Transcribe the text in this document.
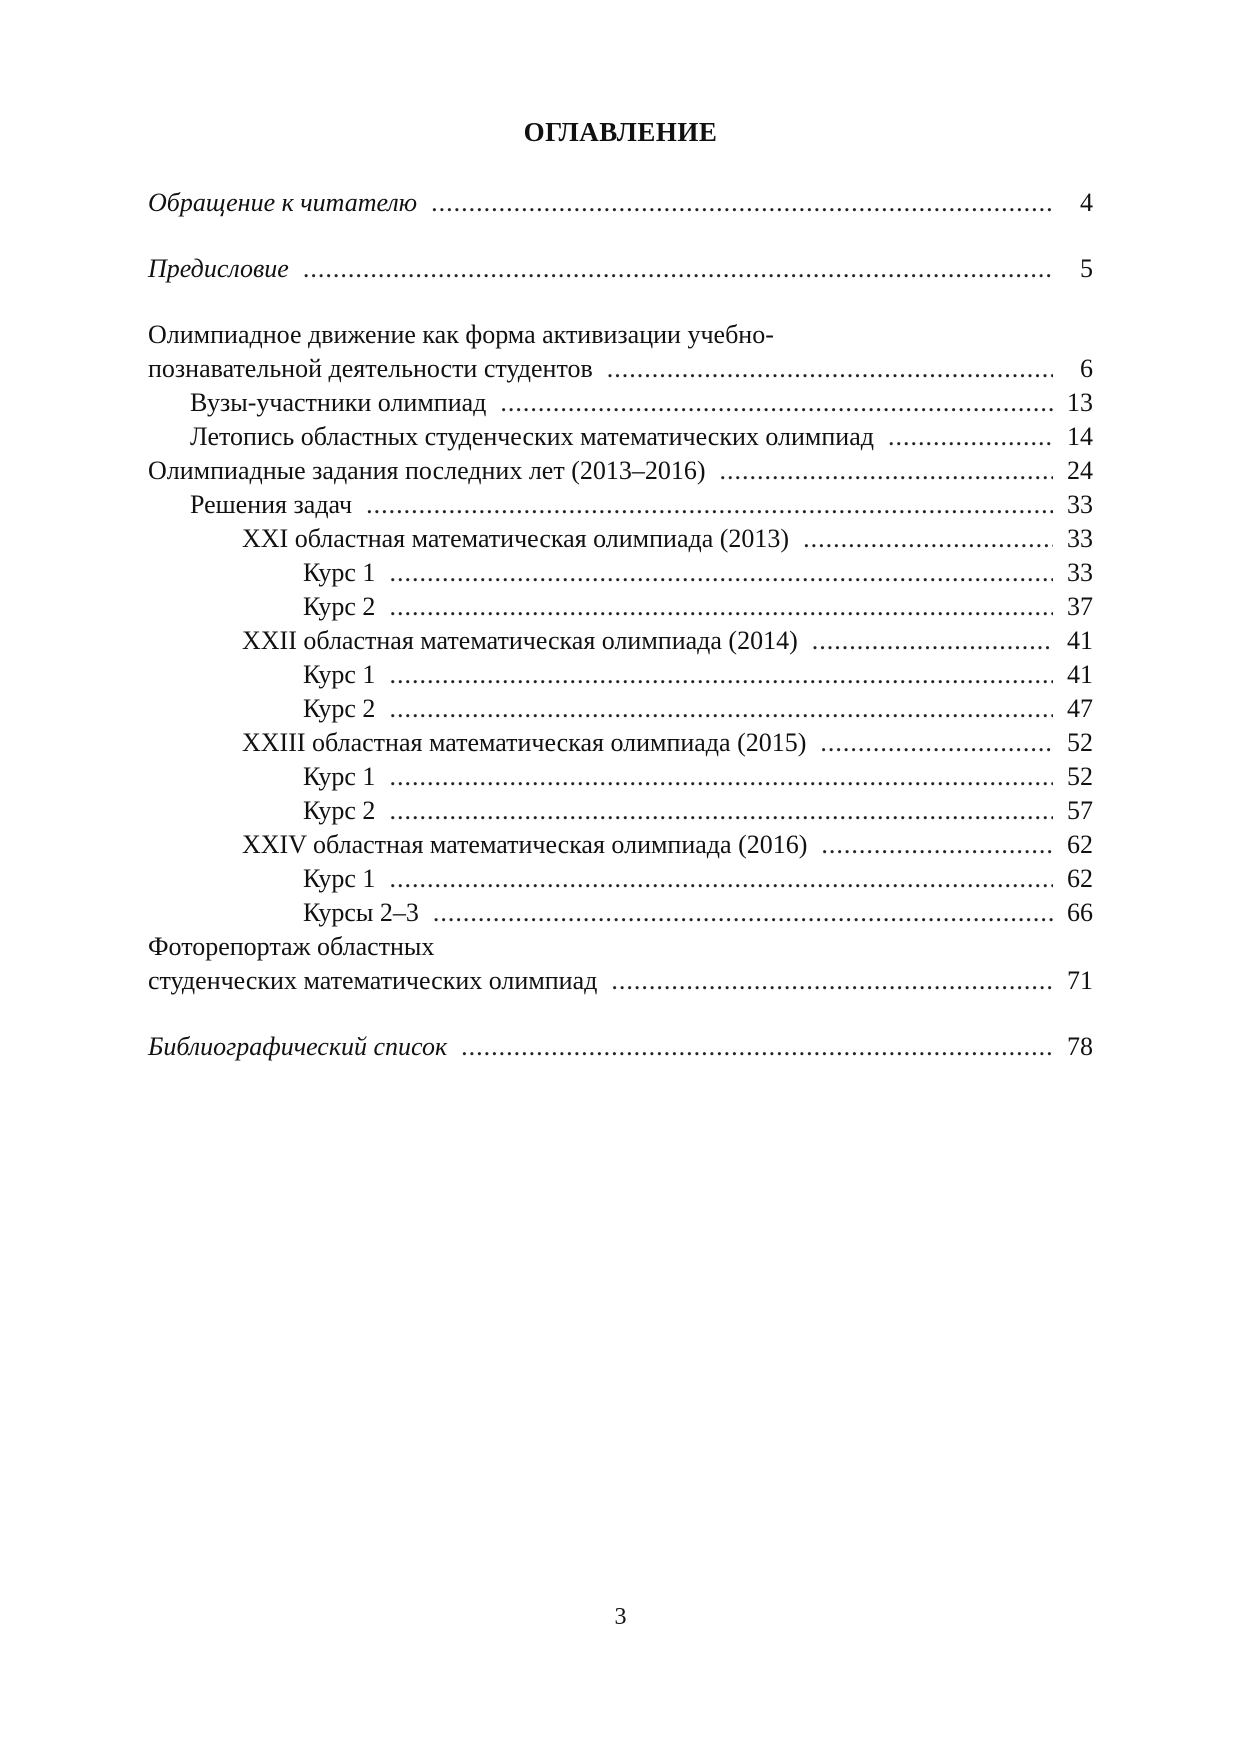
ОГЛАВЛЕНИЕ
Обращение к читателю .....	4
Предисловие .....	5
Олимпиадное движение как форма активизации учебно-
познавательной деятельности студентов .....	6
Вузы-участники олимпиад .....	13
Летопись областных студенческих математических олимпиад .....	14
Олимпиадные задания последних лет (2013–2016) .....	24
Решения задач .....	33
XXI областная математическая олимпиада (2013) .....	33
Курс 1 .....	33
Курс 2 .....	37
XXII областная математическая олимпиада (2014) .....	41
Курс 1 .....	41
Курс 2 .....	47
XXIII областная математическая олимпиада (2015) .....	52
Курс 1 .....	52
Курс 2 .....	57
XXIV областная математическая олимпиада (2016) .....	62
Курс 1 .....	62
Курсы 2–3 .....	66
Фоторепортаж областных
студенческих математических олимпиад .....	71
Библиографический список .....	78
3
